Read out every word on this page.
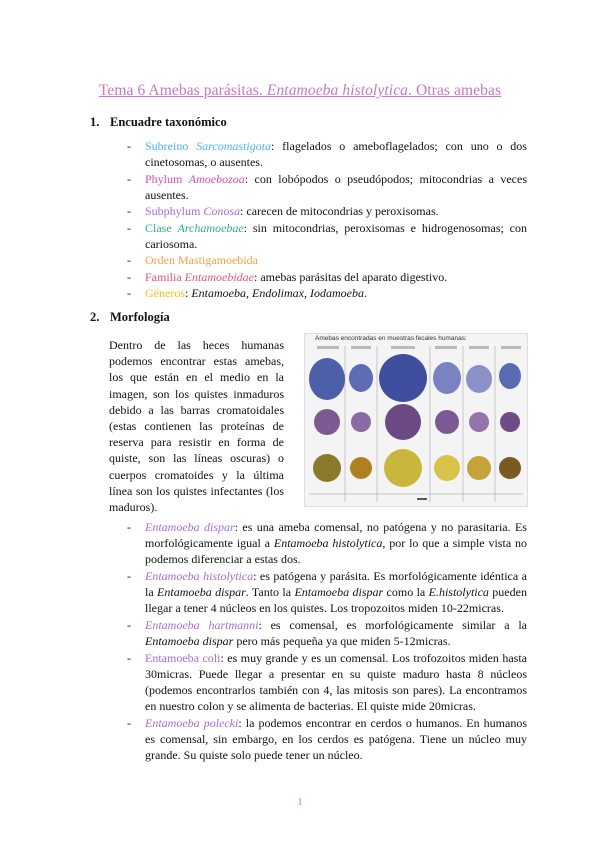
Tema 6 Amebas parásitas. Entamoeba histolytica. Otras amebas
1. Encuadre taxonómico
- Subreino Sarcomastigota: flagelados o ameboflagelados; con uno o dos cinetosomas, o ausentes.
- Phylum Amoebozoa: con lobópodos o pseudópodos; mitocondrias a veces ausentes.
- Subphylum Conosa: carecen de mitocondrias y peroxisomas.
- Clase Archamoebae: sin mitocondrias, peroxisomas e hidrogenosomas; con cariosoma.
- Orden Mastigamoebida
- Familia Entamoebidae: amebas parásitas del aparato digestivo.
- Géneros: Entamoeba, Endolimax, Iodamoeba.
2. Morfología
Dentro de las heces humanas podemos encontrar estas amebas, los que están en el medio en la imagen, son los quistes inmaduros debido a las barras cromatoidales (estas contienen las proteínas de reserva para resistir en forma de quiste, son las líneas oscuras) o cuerpos cromatoides y la última línea son los quistes infectantes (los maduros).
Amebas encontradas en muestras fecales humanas:
- Entamoeba dispar: es una ameba comensal, no patógena y no parasitaria. Es morfológicamente igual a Entamoeba histolytica, por lo que a simple vista no podemos diferenciar a estas dos.
- Entamoeba histolytica: es patógena y parásita. Es morfológicamente idéntica a la Entamoeba dispar. Tanto la Entamoeba dispar como la E.histolytica pueden llegar a tener 4 núcleos en los quistes. Los tropozoitos miden 10-22micras.
- Entamoeba hartmanni: es comensal, es morfológicamente similar a la Entamoeba dispar pero más pequeña ya que miden 5-12micras.
- Entamoeba coli: es muy grande y es un comensal. Los trofozoitos miden hasta 30micras. Puede llegar a presentar en su quiste maduro hasta 8 núcleos (podemos encontrarlos también con 4, las mitosis son pares). La encontramos en nuestro colon y se alimenta de bacterias. El quiste mide 20micras.
- Entamoeba polecki: la podemos encontrar en cerdos o humanos. En humanos es comensal, sin embargo, en los cerdos es patógena. Tiene un núcleo muy grande. Su quiste solo puede tener un núcleo.
1
